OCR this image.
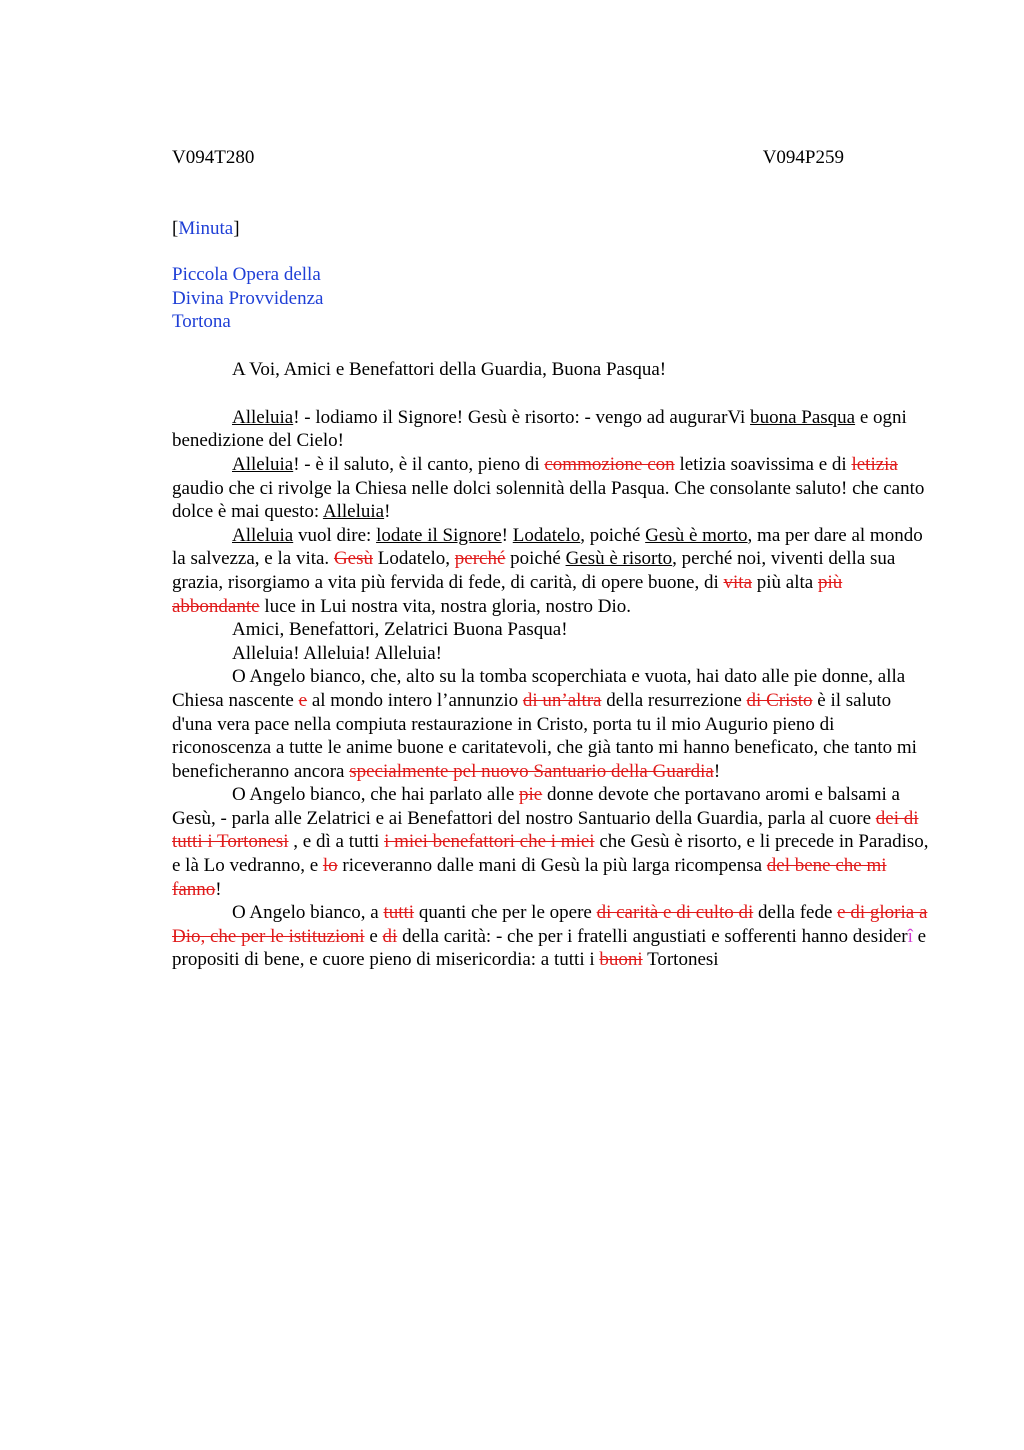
V094T280	V094P259
[Minuta]
Piccola Opera della
Divina Provvidenza
Tortona
A Voi, Amici e Benefattori della Guardia, Buona Pasqua!

Alleluia! - lodiamo il Signore! Gesù è risorto: - vengo ad augurarVi buona Pasqua e ogni benedizione del Cielo!

Alleluia! - è il saluto, è il canto, pieno di commozione con letizia soavissima e di letizia gaudio che ci rivolge la Chiesa nelle dolci solennità della Pasqua. Che consolante saluto! che canto dolce è mai questo: Alleluia!

Alleluia vuol dire: lodate il Signore! Lodatelo, poiché Gesù è morto, ma per dare al mondo la salvezza, e la vita. Gesù Lodatelo, perché poiché Gesù è risorto, perché noi, viventi della sua grazia, risorgiamo a vita più fervida di fede, di carità, di opere buone, di vita più alta più abbondante luce in Lui nostra vita, nostra gloria, nostro Dio.

Amici, Benefattori, Zelatrici Buona Pasqua!

Alleluia! Alleluia! Alleluia!

O Angelo bianco, che, alto su la tomba scoperchiata e vuota, hai dato alle pie donne, alla Chiesa nascente e al mondo intero l’annunzio di un’altra della resurrezione di Cristo è il saluto d'una vera pace nella compiuta restaurazione in Cristo, porta tu il mio Augurio pieno di riconoscenza a tutte le anime buone e caritatevoli, che già tanto mi hanno beneficato, che tanto mi beneficheranno ancora specialmente pel nuovo Santuario della Guardia!

O Angelo bianco, che hai parlato alle pie donne devote che portavano aromi e balsami a Gesù, - parla alle Zelatrici e ai Benefattori del nostro Santuario della Guardia, parla al cuore dei di tutti i Tortonesi , e dì a tutti i miei benefattori che i miei che Gesù è risorto, e li precede in Paradiso, e là Lo vedranno, e lo riceveranno dalle mani di Gesù la più larga ricompensa del bene che mi fanno!

O Angelo bianco, a tutti quanti che per le opere di carità e di culto di della fede e di gloria a Dio, che per le istituzioni e di della carità: - che per i fratelli angustiati e sofferenti hanno desiderî e propositi di bene, e cuore pieno di misericordia: a tutti i buoni Tortonesi
